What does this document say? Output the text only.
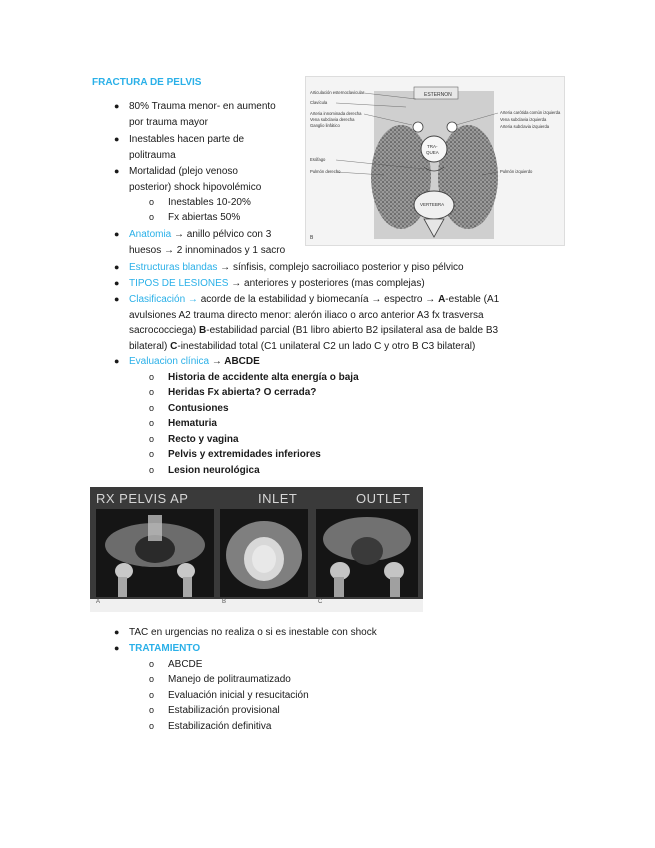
FRACTURA DE PELVIS
● 80% Trauma menor- en aumento
por trauma mayor
● Inestables hacen parte de
politrauma
● Mortalidad (plejo venoso
posterior) shock hipovolémico
o Inestables 10-20%
o Fx abiertas 50%
● Anatomia → anillo pélvico con 3
huesos → 2 innominados y 1 sacro
● Estructuras blandas → sínfisis, complejo sacroiliaco posterior y piso pélvico
● TIPOS DE LESIONES → anteriores y posteriores (mas complejas)
● Clasificación → acorde de la estabilidad y biomecanía → espectro → A-estable (A1
avulsiones A2 trauma directo menor: alerón iliaco o arco anterior A3 fx trasversa
sacrococciega) B-estabilidad parcial (B1 libro abierto B2 ipsilateral asa de balde B3
bilateral) C-inestabilidad total (C1 unilateral C2 un lado C y otro B C3 bilateral)
● Evaluacion clínica → ABCDE
o Historia de accidente alta energía o baja
o Heridas Fx abierta? O cerrada?
o Contusiones
o Hematuria
o Recto y vagina
o Pelvis y extremidades inferiores
o Lesion neurológica
Articulación esternoclavicular
Clavícula
Arteria innominada derecha
Vena subclavia derecha
Ganglio linfático
Esófago
Pulmón derecho
ESTERNON
Arteria carótida común izquierda
Vena subclavia izquierda
Arteria subclavia izquierda
Pulmón izquierdo
TRA-
QUEA
VERTEBRA
B
RX PELVIS AP	INLET	OUTLET
A	B	C
● TAC en urgencias no realiza o si es inestable con shock
● TRATAMIENTO
o ABCDE
o Manejo de politraumatizado
o Evaluación inicial y resucitación
o Estabilización provisional
o Estabilización definitiva
